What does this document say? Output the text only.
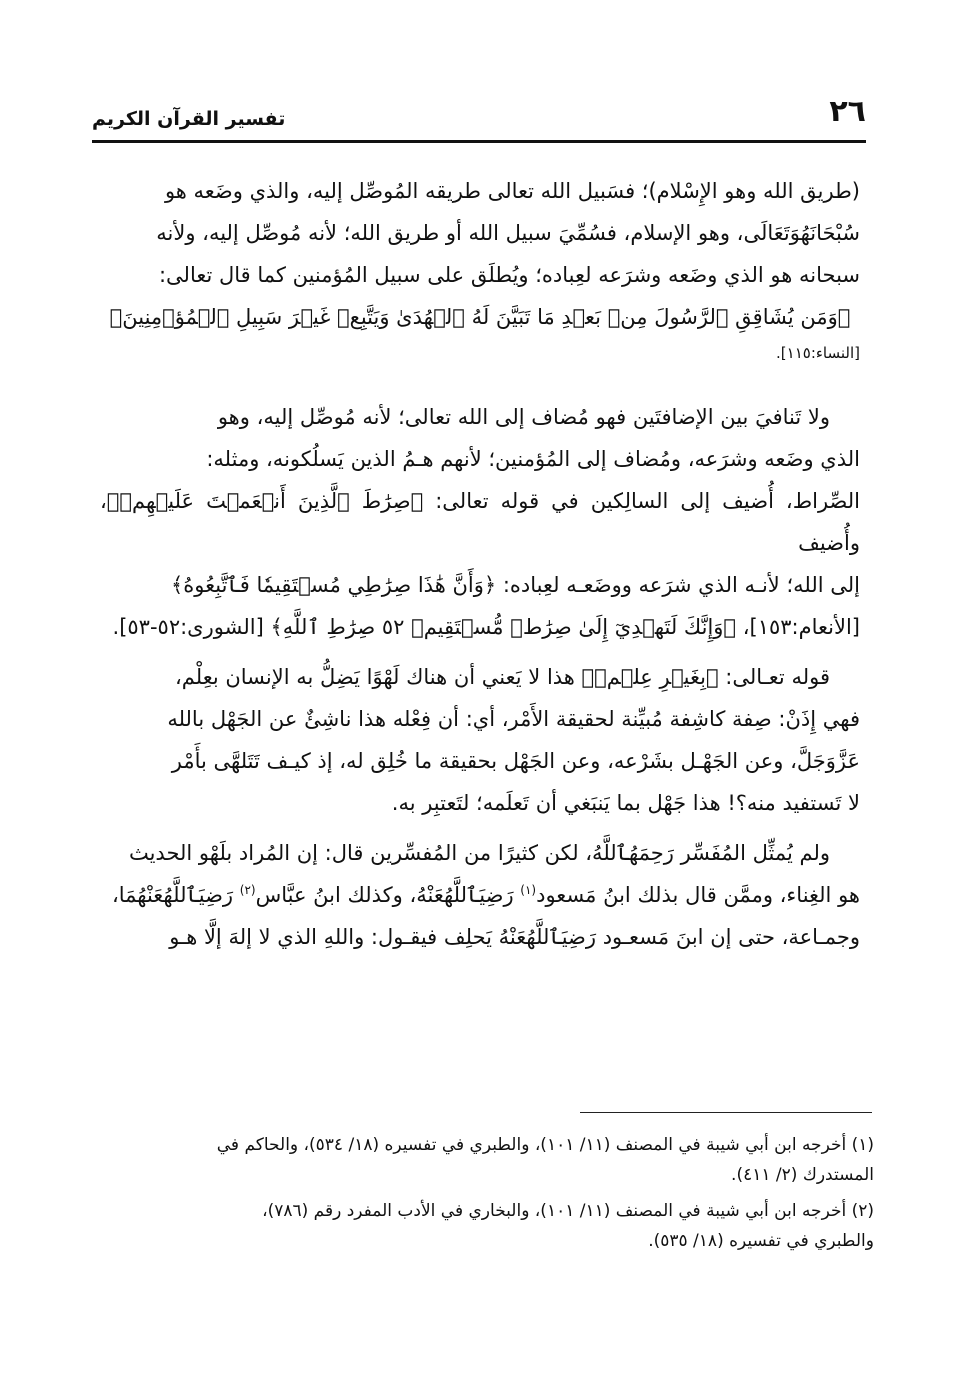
٢٦
تفسير القرآن الكريم

(طريق الله وهو الإِسْلام)؛ فسَبيل الله تعالى طريقه المُوصِّل إليه، والذي وضَعه هو

سُبْحَانَهُوَتَعَالَى، وهو الإسلام، فسُمِّيَ سبيل الله أو طريق الله؛ لأنه مُوصِّل إليه، ولأنه

سبحانه هو الذي وضَعه وشرَعه لعِباده؛ ويُطلَق على سبيل المُؤمنين كما قال تعالى:

﴿وَمَن يُشَاقِقِ ٱلرَّسُولَ مِنۢ بَعۡدِ مَا تَبَيَّنَ لَهُ ٱلۡهُدَىٰ وَيَتَّبِعۡ غَيۡرَ سَبِيلِ ٱلۡمُؤۡمِنِينَ﴾

[النساء:١١٥].

ولا تَنافيَ بين الإضافتَين فهو مُضاف إلى الله تعالى؛ لأنه مُوصِّل إليه، وهو

الذي وضَعه وشرَعه، ومُضاف إلى المُؤمنين؛ لأنهم هـمُ الذين يَسلُكونه، ومثله:

الصِّراط، أُضيف إلى السالِكين في قوله تعالى: ﴿صِرَٰطَ ٱلَّذِينَ أَنۡعَمۡتَ عَلَيۡهِمۡ﴾، وأُضيف

إلى الله؛ لأنـه الذي شرَعه ووضَعـه لعِباده: ﴿وَأَنَّ هَٰذَا صِرَٰطِي مُسۡتَقِيمٗا فَٱتَّبِعُوهُ﴾

[الأنعام:١٥٣]، ﴿وَإِنَّكَ لَتَهۡدِيٓ إِلَىٰ صِرَٰطٖ مُّسۡتَقِيمٖ ٥٢ صِرَٰطِ ٱللَّهِ﴾ [الشورى:٥٢-٥٣].

قوله تعـالى: ﴿بِغَيۡرِ عِلۡمٖ﴾ هذا لا يَعني أن هناك لَهْوًا يَضِلُّ به الإنسان بعِلْم،

فهي إِذَنْ: صِفة كاشِفة مُبيِّنة لحقيقة الأَمْر، أي: أن فِعْله هذا ناشِئٌ عن الجَهْل بالله

عَزَّوَجَلَّ، وعن الجَهْـل بشَرْعه، وعن الجَهْل بحقيقة ما خُلِق له، إذ كيـف تَتَلهَّى بأَمْر

لا تَستفيد منه؟! هذا جَهْل بما يَنبَغي أن تَعلَمه؛ لتَعتبِر به.

ولم يُمثِّل المُفَسِّر رَحِمَهُٱللَّهُ، لكن كثيرًا من المُفسِّرين قال: إن المُراد بلَهْو الحديث

هو الغِناء، وممَّن قال بذلك ابنُ مَسعود$^{(١)}$ رَضِيَٱللَّهُعَنْهُ، وكذلك ابنُ عبَّاس$^{(٢)}$ رَضِيَٱللَّهُعَنْهُمَا،

وجمـاعة، حتى إن ابنَ مَسعـود رَضِيَٱللَّهُعَنْهُ يَحلِف فيقـول: واللهِ الذي لا إلهَ إلَّا هـو

(١) أخرجه ابن أبي شيبة في المصنف (١١/ ١٠١)، والطبري في تفسيره (١٨/ ٥٣٤)، والحاكم في
المستدرك (٢/ ٤١١).

(٢) أخرجه ابن أبي شيبة في المصنف (١١/ ١٠١)، والبخاري في الأدب المفرد رقم (٧٨٦)،
والطبري في تفسيره (١٨/ ٥٣٥).
